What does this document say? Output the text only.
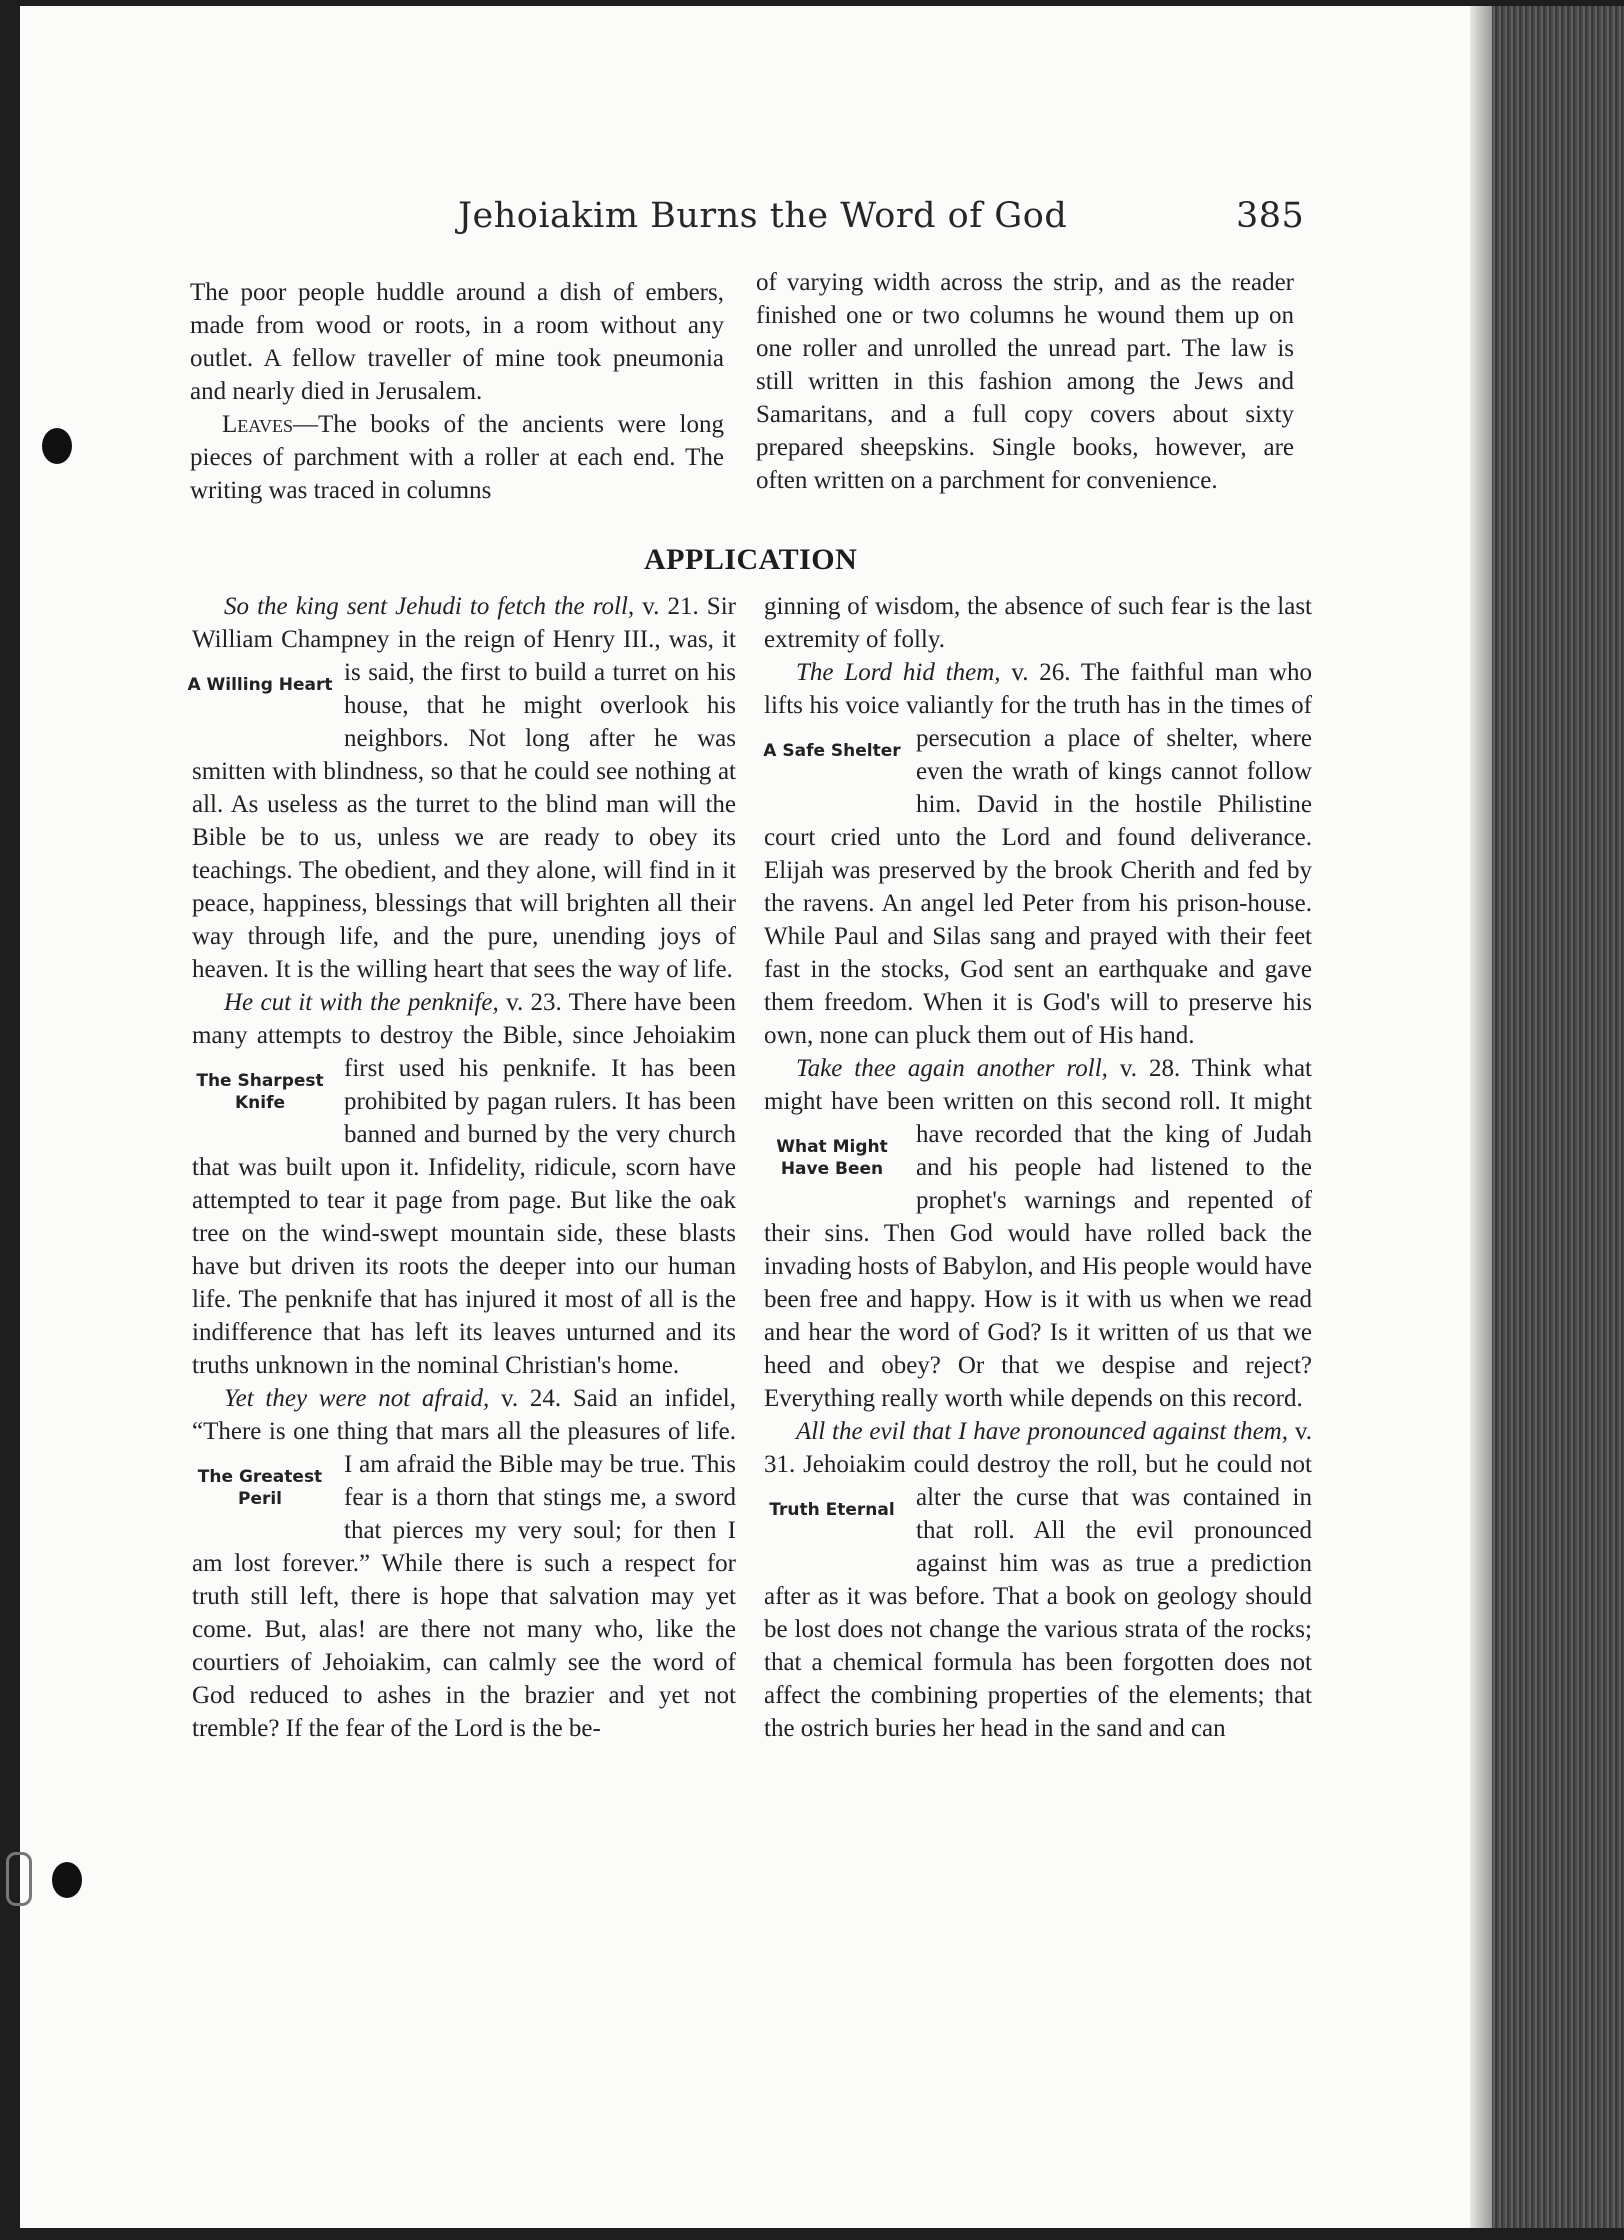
Jehoiakim Burns the Word of God	385

The poor people huddle around a dish of embers, made from wood or roots, in a room without any outlet. A fellow traveller of mine took pneumonia and nearly died in Jerusalem.

Leaves—The books of the ancients were long pieces of parchment with a roller at each end. The writing was traced in columns

of varying width across the strip, and as the reader finished one or two columns he wound them up on one roller and unrolled the unread part. The law is still written in this fashion among the Jews and Samaritans, and a full copy covers about sixty prepared sheepskins. Single books, however, are often written on a parchment for convenience.

APPLICATION

So the king sent Jehudi to fetch the roll, v. 21. Sir William Champney in the reign of Henry III., was, it is said, the first to build a turret
A Willing Heart	on his house, that he might overlook his neighbors. Not long after he was smitten with blindness, so that he could see nothing at all. As useless as the turret to the blind man will the Bible be to us, unless we are ready to obey its teachings. The obedient, and they alone, will find in it peace, happiness, blessings that will brighten all their way through life, and the pure, unending joys of heaven. It is the willing heart that sees the way of life.

He cut it with the penknife, v. 23. There have been many attempts to destroy the Bible, since Jehoiakim first used his penknife.
The Sharpest Knife
It has been prohibited by pagan rulers. It has been banned and burned by the very church that was built upon it. Infidelity, ridicule, scorn have attempted to tear it page from page. But like the oak tree on the wind-swept mountain side, these blasts have but driven its roots the deeper into our human life. The penknife that has injured it most of all is the indifference that has left its leaves unturned and its truths unknown in the nominal Christian's home.

Yet they were not afraid, v. 24. Said an infidel, “There is one thing that mars all the pleasures of life. I am afraid the Bible may
The Greatest Peril
be true. This fear is a thorn that stings me, a sword that pierces my very soul; for then I am lost forever.” While there is such a respect for truth still left, there is hope that salvation may yet come. But, alas! are there not many who, like the courtiers of Jehoiakim, can calmly see the word of God reduced to ashes in the brazier and yet not tremble? If the fear of the Lord is the be-

ginning of wisdom, the absence of such fear is the last extremity of folly.

The Lord hid them, v. 26. The faithful man who lifts his voice valiantly for the truth has in the times of persecution a place of
A Safe Shelter	shelter, where even the wrath of kings cannot follow him. David in the hostile Philistine court cried unto the Lord and found deliverance. Elijah was preserved by the brook Cherith and fed by the ravens. An angel led Peter from his prison-house. While Paul and Silas sang and prayed with their feet fast in the stocks, God sent an earthquake and gave them freedom. When it is God's will to preserve his own, none can pluck them out of His hand.

Take thee again another roll, v. 28. Think what might have been written on this second roll. It might have recorded that the king
What Might Have Been
of Judah and his people had listened to the prophet's warnings and repented of their sins. Then God would have rolled back the invading hosts of Babylon, and His people would have been free and happy. How is it with us when we read and hear the word of God? Is it written of us that we heed and obey? Or that we despise and reject? Everything really worth while depends on this record.

All the evil that I have pronounced against them, v. 31. Jehoiakim could destroy the roll, but he could not alter the curse that was
Truth Eternal	contained in that roll. All the evil pronounced against him was as true a prediction after as it was before. That a book on geology should be lost does not change the various strata of the rocks; that a chemical formula has been forgotten does not affect the combining properties of the elements; that the ostrich buries her head in the sand and can
